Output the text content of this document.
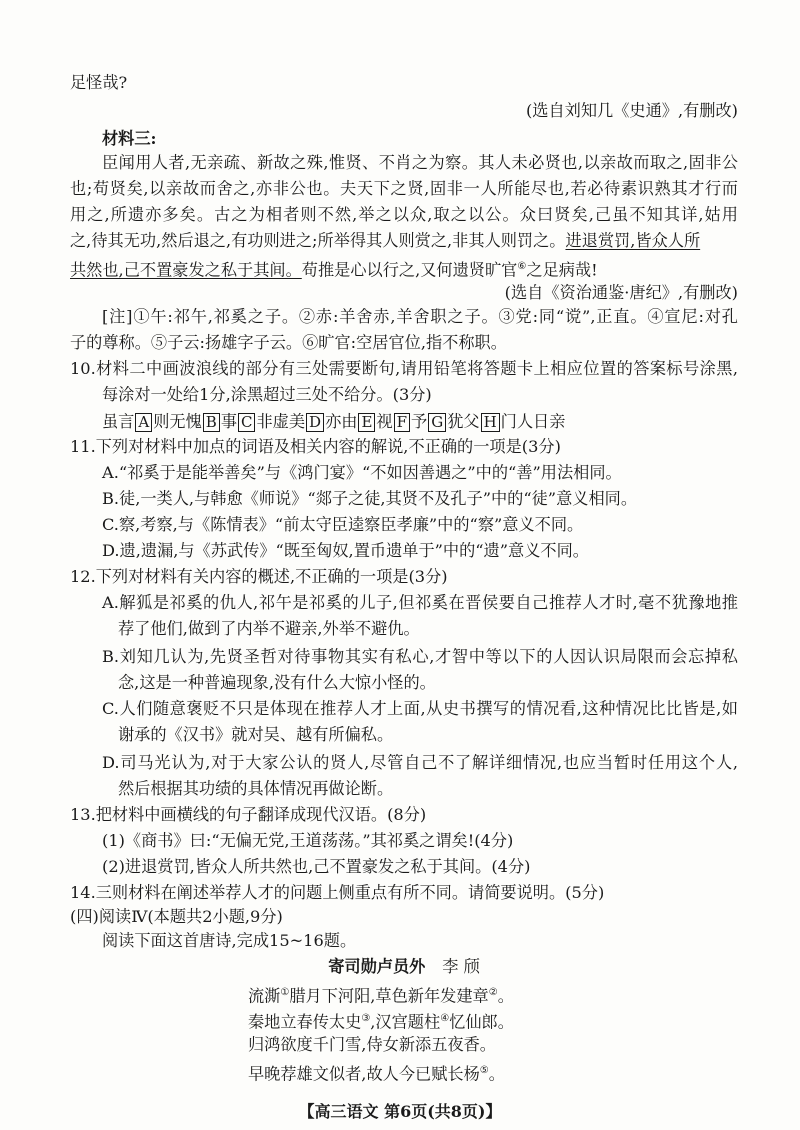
足怪哉?
(选自刘知几《史通》,有删改)
材料三:
臣闻用人者,无亲疏、新故之殊,惟贤、不肖之为察。其人未必贤也,以亲故而取之,固非公
也;苟贤矣,以亲故而舍之,亦非公也。夫天下之贤,固非一人所能尽也,若必待素识熟其才行而
用之,所遗亦多矣。古之为相者则不然,举之以众,取之以公。众曰贤矣,己虽不知其详,姑用
之,待其无功,然后退之,有功则进之;所举得其人则赏之,非其人则罚之。进退赏罚,皆众人所
共然也,己不置豪发之私于其间。苟推是心以行之,又何遗贤旷官⑥之足病哉!
(选自《资治通鉴·唐纪》,有删改)
[注]①午:祁午,祁奚之子。②赤:羊舍赤,羊舍职之子。③党:同“谠”,正直。④宣尼:对孔
子的尊称。⑤子云:扬雄字子云。⑥旷官:空居官位,指不称职。
10.材料二中画波浪线的部分有三处需要断句,请用铅笔将答题卡上相应位置的答案标号涂黑,
每涂对一处给1分,涂黑超过三处不给分。(3分)
虽言 A 则无愧 B 事 C 非虚美 D 亦由 E 视 F 予 G 犹父 H 门人日亲
11.下列对材料中加点的词语及相关内容的解说,不正确的一项是(3分)
A.“祁奚于是能举善矣”与《鸿门宴》“不如因善遇之”中的“善”用法相同。
B.徒,一类人,与韩愈《师说》“郯子之徒,其贤不及孔子”中的“徒”意义相同。
C.察,考察,与《陈情表》“前太守臣逵察臣孝廉”中的“察”意义不同。
D.遗,遗漏,与《苏武传》“既至匈奴,置币遗单于”中的“遗”意义不同。
12.下列对材料有关内容的概述,不正确的一项是(3分)
A.解狐是祁奚的仇人,祁午是祁奚的儿子,但祁奚在晋侯要自己推荐人才时,毫不犹豫地推
荐了他们,做到了内举不避亲,外举不避仇。
B.刘知几认为,先贤圣哲对待事物其实有私心,才智中等以下的人因认识局限而会忘掉私
念,这是一种普遍现象,没有什么大惊小怪的。
C.人们随意褒贬不只是体现在推荐人才上面,从史书撰写的情况看,这种情况比比皆是,如
谢承的《汉书》就对吴、越有所偏私。
D.司马光认为,对于大家公认的贤人,尽管自己不了解详细情况,也应当暂时任用这个人,
然后根据其功绩的具体情况再做论断。
13.把材料中画横线的句子翻译成现代汉语。(8分)
(1)《商书》曰:“无偏无党,王道荡荡。”其祁奚之谓矣!(4分)
(2)进退赏罚,皆众人所共然也,己不置豪发之私于其间。(4分)
14.三则材料在阐述举荐人才的问题上侧重点有所不同。请简要说明。(5分)
(四)阅读Ⅳ(本题共2小题,9分)
阅读下面这首唐诗,完成15~16题。
寄司勋卢员外 李 颀
流澌①腊月下河阳,草色新年发建章②。
秦地立春传太史③,汉宫题柱④忆仙郎。
归鸿欲度千门雪,侍女新添五夜香。
早晚荐雄文似者,故人今已赋长杨⑤。
【高三语文 第6页(共8页)】
